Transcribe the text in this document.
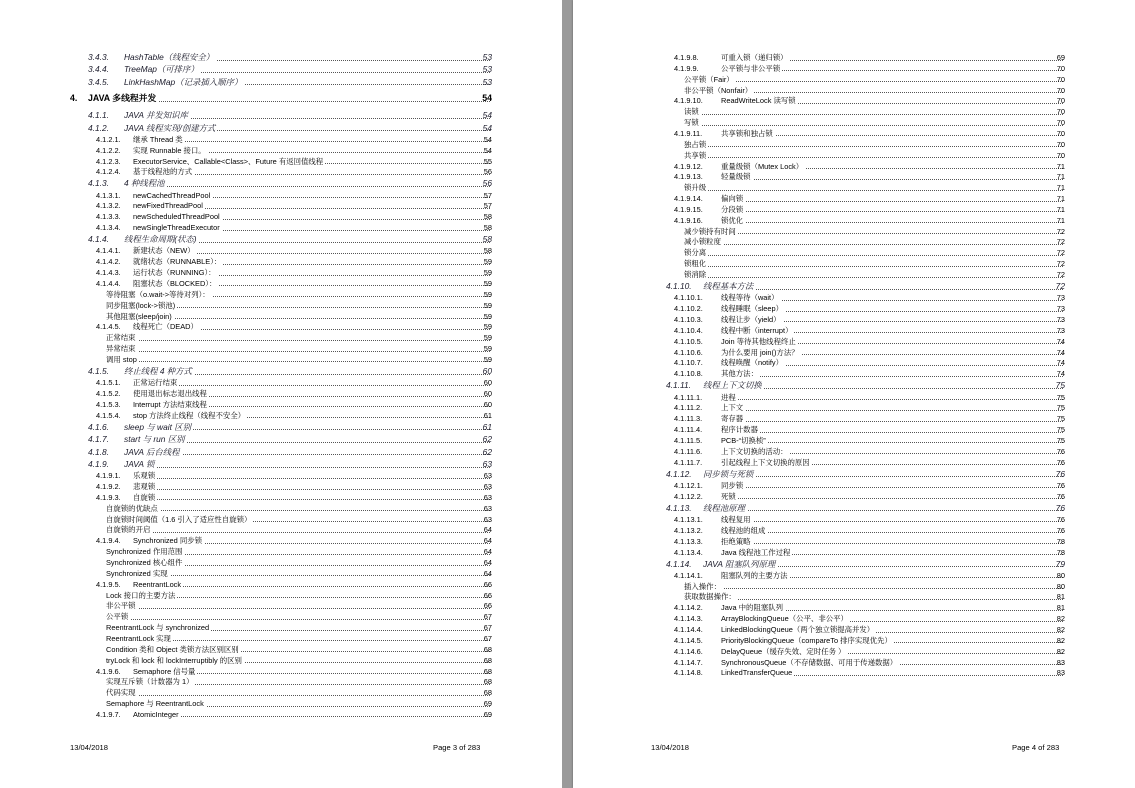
3.4.3. HashTable（线程安全）	53
3.4.4. TreeMap（可排序）	53
3.4.5. LinkHashMap（记录插入顺序）	53
4. JAVA 多线程并发	54
4.1.1. JAVA 并发知识库	54
4.1.2. JAVA 线程实现/创建方式	54
4.1.2.1. 继承 Thread 类	54
4.1.2.2. 实现 Runnable 接口。	54
4.1.2.3. ExecutorService、Callable<Class>、Future 有返回值线程	55
4.1.2.4. 基于线程池的方式	56
4.1.3. 4 种线程池	56
4.1.3.1. newCachedThreadPool	57
4.1.3.2. newFixedThreadPool	57
4.1.3.3. newScheduledThreadPool	58
4.1.3.4. newSingleThreadExecutor	58
4.1.4. 线程生命周期(状态)	58
4.1.4.1. 新建状态（NEW）	58
4.1.4.2. 就绪状态（RUNNABLE）：	59
4.1.4.3. 运行状态（RUNNING）：	59
4.1.4.4. 阻塞状态（BLOCKED）：	59
等待阻塞（o.wait->等待对列）：	59
同步阻塞(lock->锁池)	59
其他阻塞(sleep/join)	59
4.1.4.5. 线程死亡（DEAD）	59
正常结束	59
异常结束	59
调用 stop	59
4.1.5. 终止线程 4 种方式	60
4.1.5.1. 正常运行结束	60
4.1.5.2. 使用退出标志退出线程	60
4.1.5.3. Interrupt 方法结束线程	60
4.1.5.4. stop 方法终止线程（线程不安全）	61
4.1.6. sleep 与 wait 区别	61
4.1.7. start 与 run 区别	62
4.1.8. JAVA 后台线程	62
4.1.9. JAVA 锁	63
4.1.9.1. 乐观锁	63
4.1.9.2. 悲观锁	63
4.1.9.3. 自旋锁	63
自旋锁的优缺点	63
自旋锁时间阈值（1.6 引入了适应性自旋锁）	63
自旋锁的开启	64
4.1.9.4. Synchronized 同步锁	64
Synchronized 作用范围	64
Synchronized 核心组件	64
Synchronized 实现	64
4.1.9.5. ReentrantLock	66
Lock 接口的主要方法	66
非公平锁	66
公平锁	67
ReentrantLock 与 synchronized	67
ReentrantLock 实现	67
Condition 类和 Object 类锁方法区别区别	68
tryLock 和 lock 和 lockInterruptibly 的区别	68
4.1.9.6. Semaphore 信号量	68
实现互斥锁（计数器为 1）	68
代码实现	68
Semaphore 与 ReentrantLock	69
4.1.9.7. AtomicInteger	69
13/04/2018	Page 3 of 283
4.1.9.8.	可重入锁（递归锁）	69
4.1.9.9.	公平锁与非公平锁	70
公平锁（Fair）	70
非公平锁（Nonfair）	70
4.1.9.10. ReadWriteLock 读写锁	70
读锁	70
写锁	70
4.1.9.11.	共享锁和独占锁	70
独占锁	70
共享锁	70
4.1.9.12. 重量级锁（Mutex Lock）	71
4.1.9.13. 轻量级锁	71
锁升级	71
4.1.9.14. 偏向锁	71
4.1.9.15. 分段锁	71
4.1.9.16. 锁优化	71
减少锁持有时间	72
减小锁粒度	72
锁分离	72
锁粗化	72
锁消除	72
4.1.10. 线程基本方法	72
4.1.10.1. 线程等待（wait）	73
4.1.10.2. 线程睡眠（sleep）	73
4.1.10.3. 线程让步（yield）	73
4.1.10.4. 线程中断（interrupt）	73
4.1.10.5. Join 等待其他线程终止	74
4.1.10.6. 为什么要用 join()方法？	74
4.1.10.7. 线程唤醒（notify）	74
4.1.10.8. 其他方法：	74
4.1.11. 线程上下文切换	75
4.1.11.1.	进程	75
4.1.11.2.	上下文	75
4.1.11.3.	寄存器	75
4.1.11.4.	程序计数器	75
4.1.11.5.	PCB-“切换桢”	75
4.1.11.6.	上下文切换的活动：	76
4.1.11.7.	引起线程上下文切换的原因	76
4.1.12. 同步锁与死锁	76
4.1.12.1. 同步锁	76
4.1.12.2. 死锁	76
4.1.13. 线程池原理	76
4.1.13.1. 线程复用	76
4.1.13.2. 线程池的组成	76
4.1.13.3. 拒绝策略	78
4.1.13.4. Java 线程池工作过程	78
4.1.14. JAVA 阻塞队列原理	79
4.1.14.1. 阻塞队列的主要方法	80
插入操作：	80
获取数据操作：	81
4.1.14.2. Java 中的阻塞队列	81
4.1.14.3. ArrayBlockingQueue（公平、非公平）	82
4.1.14.4. LinkedBlockingQueue（两个独立锁提高并发）	82
4.1.14.5. PriorityBlockingQueue（compareTo 排序实现优先）	82
4.1.14.6. DelayQueue（缓存失效、定时任务 ）	82
4.1.14.7. SynchronousQueue（不存储数据、可用于传递数据）	83
4.1.14.8. LinkedTransferQueue	83
13/04/2018	Page 4 of 283
